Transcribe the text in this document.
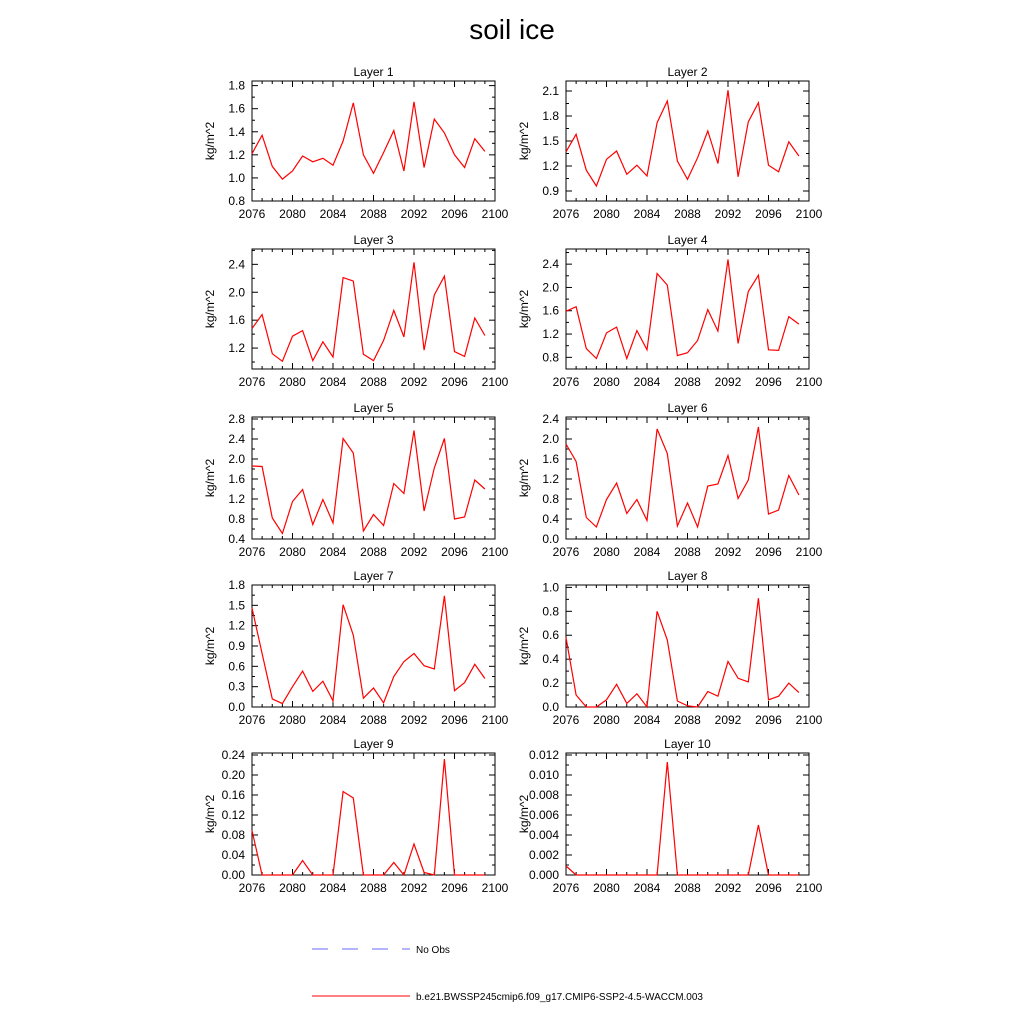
soil ice
Layer 1
kg/m^2
2076 2080 2084 2088 2092 2096 2100
0.8
1.0
1.2
1.4
1.6
1.8
Layer 2
kg/m^2
2076 2080 2084 2088 2092 2096 2100
0.9
1.2
1.5
1.8
2.1
Layer 3
kg/m^2
2076 2080 2084 2088 2092 2096 2100
1.2
1.6
2.0
2.4
Layer 4
kg/m^2
2076 2080 2084 2088 2092 2096 2100
0.8
1.2
1.6
2.0
2.4
Layer 5
kg/m^2
2076 2080 2084 2088 2092 2096 2100
0.4
0.8
1.2
1.6
2.0
2.4
2.8
Layer 6
kg/m^2
2076 2080 2084 2088 2092 2096 2100
0.0
0.4
0.8
1.2
1.6
2.0
2.4
Layer 7
kg/m^2
2076 2080 2084 2088 2092 2096 2100
0.0
0.3
0.6
0.9
1.2
1.5
1.8
Layer 8
kg/m^2
2076 2080 2084 2088 2092 2096 2100
0.0
0.2
0.4
0.6
0.8
1.0
Layer 9
kg/m^2
2076 2080 2084 2088 2092 2096 2100
0.00
0.04
0.08
0.12
0.16
0.20
0.24
Layer 10
kg/m^2
2076 2080 2084 2088 2092 2096 2100
0.000
0.002
0.004
0.006
0.008
0.010
0.012
No Obs
b.e21.BWSSP245cmip6.f09_g17.CMIP6-SSP2-4.5-WACCM.003
